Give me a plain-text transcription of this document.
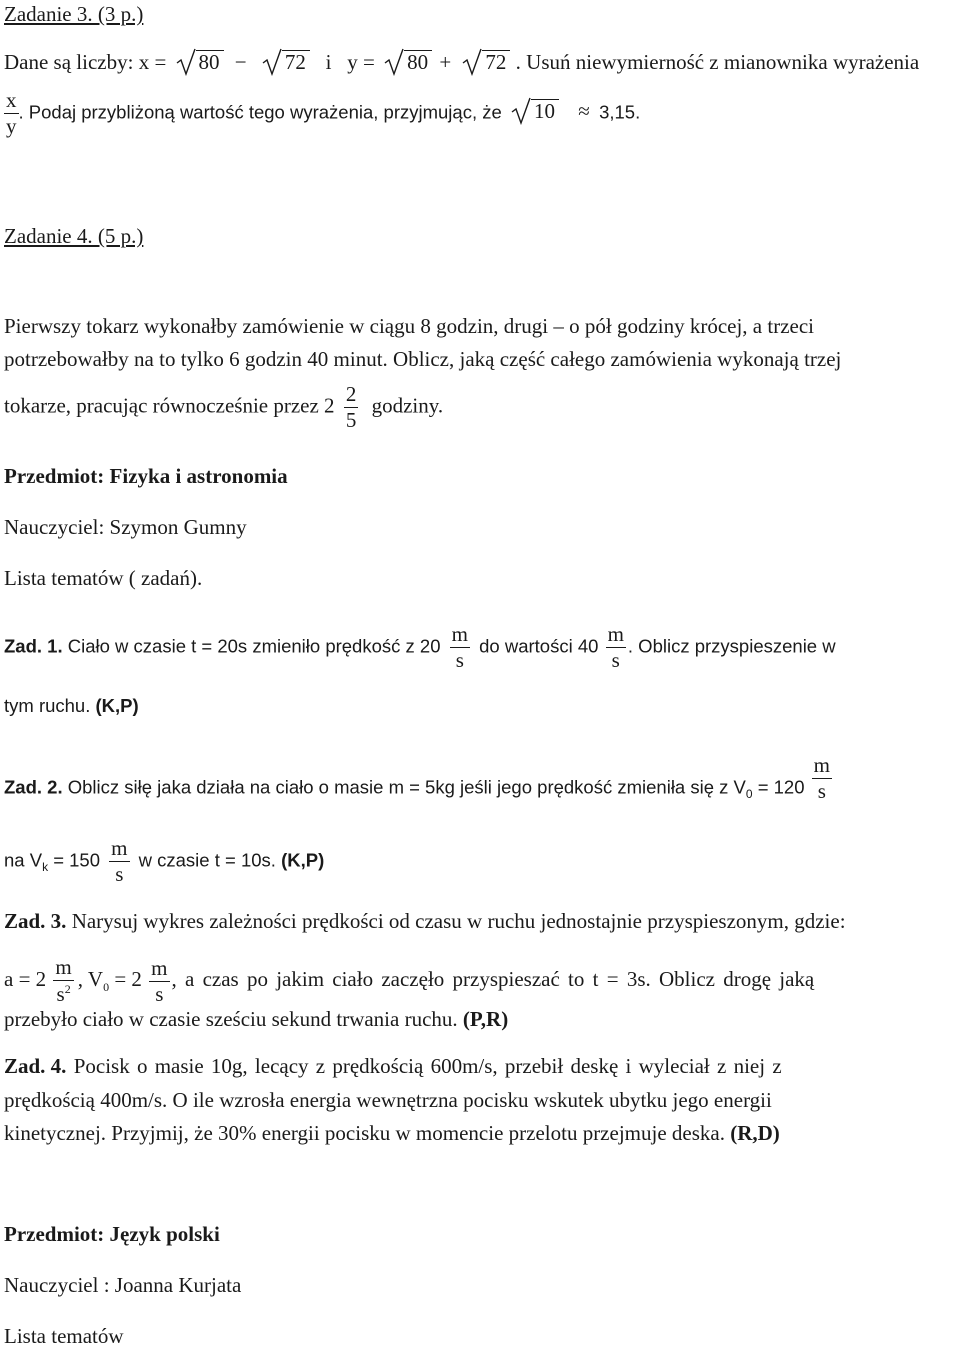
Zadanie 3. (3 p.)
Dane są liczby: x =
80 − 72   i   y =
80 + 72 . Usuń niewymierność z mianownika wyrażenia
$\frac{x}{y}$ . Podaj przybliżoną wartość tego wyrażenia, przyjmując, że 10 ≈ 3,15.
Zadanie 4. (5 p.)
Pierwszy tokarz wykonałby zamówienie w ciągu 8 godzin, drugi – o pół godziny krócej, a trzeci
potrzebowałby na to tylko 6 godzin 40 minut. Oblicz, jaką część całego zamówienia wykonają trzej
tokarze, pracując równocześnie przez $2 \frac{2}{5}$ godziny.
Przedmiot: Fizyka i astronomia
Nauczyciel: Szymon Gumny
Lista tematów ( zadań).
Zad. 1. Ciało w czasie t = 20s zmieniło prędkość z $20 \frac{m}{s}$ do wartości $40 \frac{m}{s}$ . Oblicz przyspieszenie w
tym ruchu. (K,P)
Zad. 2. Oblicz siłę jaka działa na ciało o masie m = 5kg jeśli jego prędkość zmieniła się z $V_0 = 120 \frac{m}{s}$
na $V_k = 150 \frac{m}{s}$ w czasie t = 10s. (K,P)
Zad. 3. Narysuj wykres zależności prędkości od czasu w ruchu jednostajnie przyspieszonym, gdzie:
$a = 2 \frac{m}{s^2}$ , $V_0 = 2 \frac{m}{s}$ , a czas po jakim ciało zaczęło przyspieszać to t = 3s. Oblicz drogę jaką
przebyło ciało w czasie sześciu sekund trwania ruchu. (P,R)
Zad. 4. Pocisk o masie 10g, lecący z prędkością 600m/s, przebił deskę i wyleciał z niej z
prędkością 400m/s. O ile wzrosła energia wewnętrzna pocisku wskutek ubytku jego energii
kinetycznej. Przyjmij, że 30% energii pocisku w momencie przelotu przejmuje deska. (R,D)
Przedmiot: Język polski
Nauczyciel : Joanna Kurjata
Lista tematów
